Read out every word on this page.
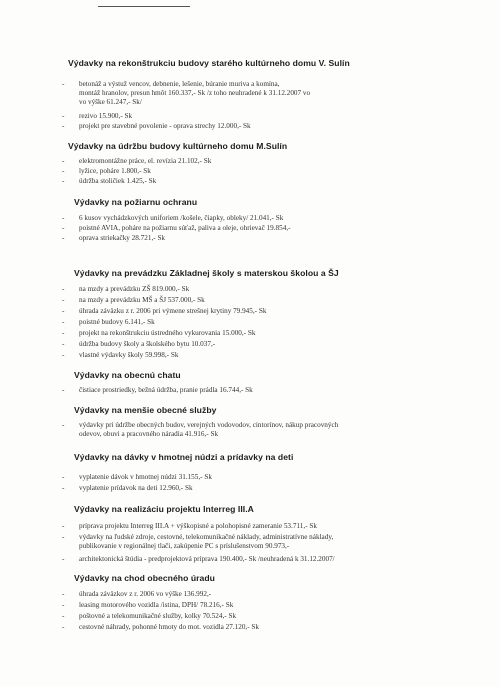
Výdavky na rekonštrukciu budovy starého kultúrneho domu V. Sulín
- betonáž a výstuž vencov, debnenie, lešenie, búranie muriva a komína,
montáž hranolov, presun hmôt 160.337,- Sk /z toho neuhradené k 31.12.2007 vo
vo výške 61.247,- Sk/
- rezivo 15.900,- Sk
- projekt pre stavebné povolenie - oprava strechy 12.000,- Sk
Výdavky na údržbu budovy kultúrneho domu M.Sulín
- elektromontážne práce, el. revízia 21.102,- Sk
- lyžice, poháre 1.800,- Sk
- údržba stoličiek 1.425,- Sk
Výdavky na požiarnu ochranu
- 6 kusov vychádzkových uniforiem /košele, čiapky, obleky/ 21.041,- Sk
- poistné AVIA, poháre na požiarnu súťaž, paliva a oleje, ohrievač 19.854,-
- oprava striekačky 28.721,- Sk
Výdavky na prevádzku Základnej školy s materskou školou a ŠJ
- na mzdy a prevádzku ZŠ 819.000,- Sk
- na mzdy a prevádzku MŠ a ŠJ 537.000,- Sk
- úhrada záväzku z r. 2006 pri výmene strešnej krytiny 79.945,- Sk
- poistné budovy 6.141,- Sk
- projekt na rekonštrukciu ústredného vykurovania 15.000,- Sk
- údržba budovy školy a školského bytu 10.037,-
- vlastné výdavky školy 59.998,- Sk
Výdavky na obecnú chatu
- čistiace prostriedky, bežná údržba, pranie prádla 16.744,- Sk
Výdavky na menšie obecné služby
- výdavky pri údržbe obecných budov, verejných vodovodov, cintorínov, nákup pracovných
odevov, obuvi a pracovného náradia 41.916,- Sk
Výdavky na dávky v hmotnej núdzi a prídavky na deti
- vyplatenie dávok v hmotnej núdzi 31.155,- Sk
- vyplatenie prídavok na deti 12.960,- Sk
Výdavky na realizáciu projektu Interreg III.A
- príprava projektu Interreg III.A + výškopisné a polohopisné zameranie 53.711,- Sk
- výdavky na ľudské zdroje, cestovné, telekomunikačné náklady, administratívne náklady,
publikovanie v regionálnej tlači, zakúpenie PC s príslušenstvom 90.973,-
- architektonická štúdia - predprojektová príprava 190.400,- Sk /neuhradená k 31.12.2007/
Výdavky na chod obecného úradu
- úhrada záväzkov z r. 2006 vo výške 136.992,-
- leasing motorového vozidla /istina, DPH/ 78.216,- Sk
- poštovné a telekomunikačné služby, kolky 70.524,- Sk
- cestovné náhrady, pohonné hmoty do mot. vozidla 27.120,- Sk
